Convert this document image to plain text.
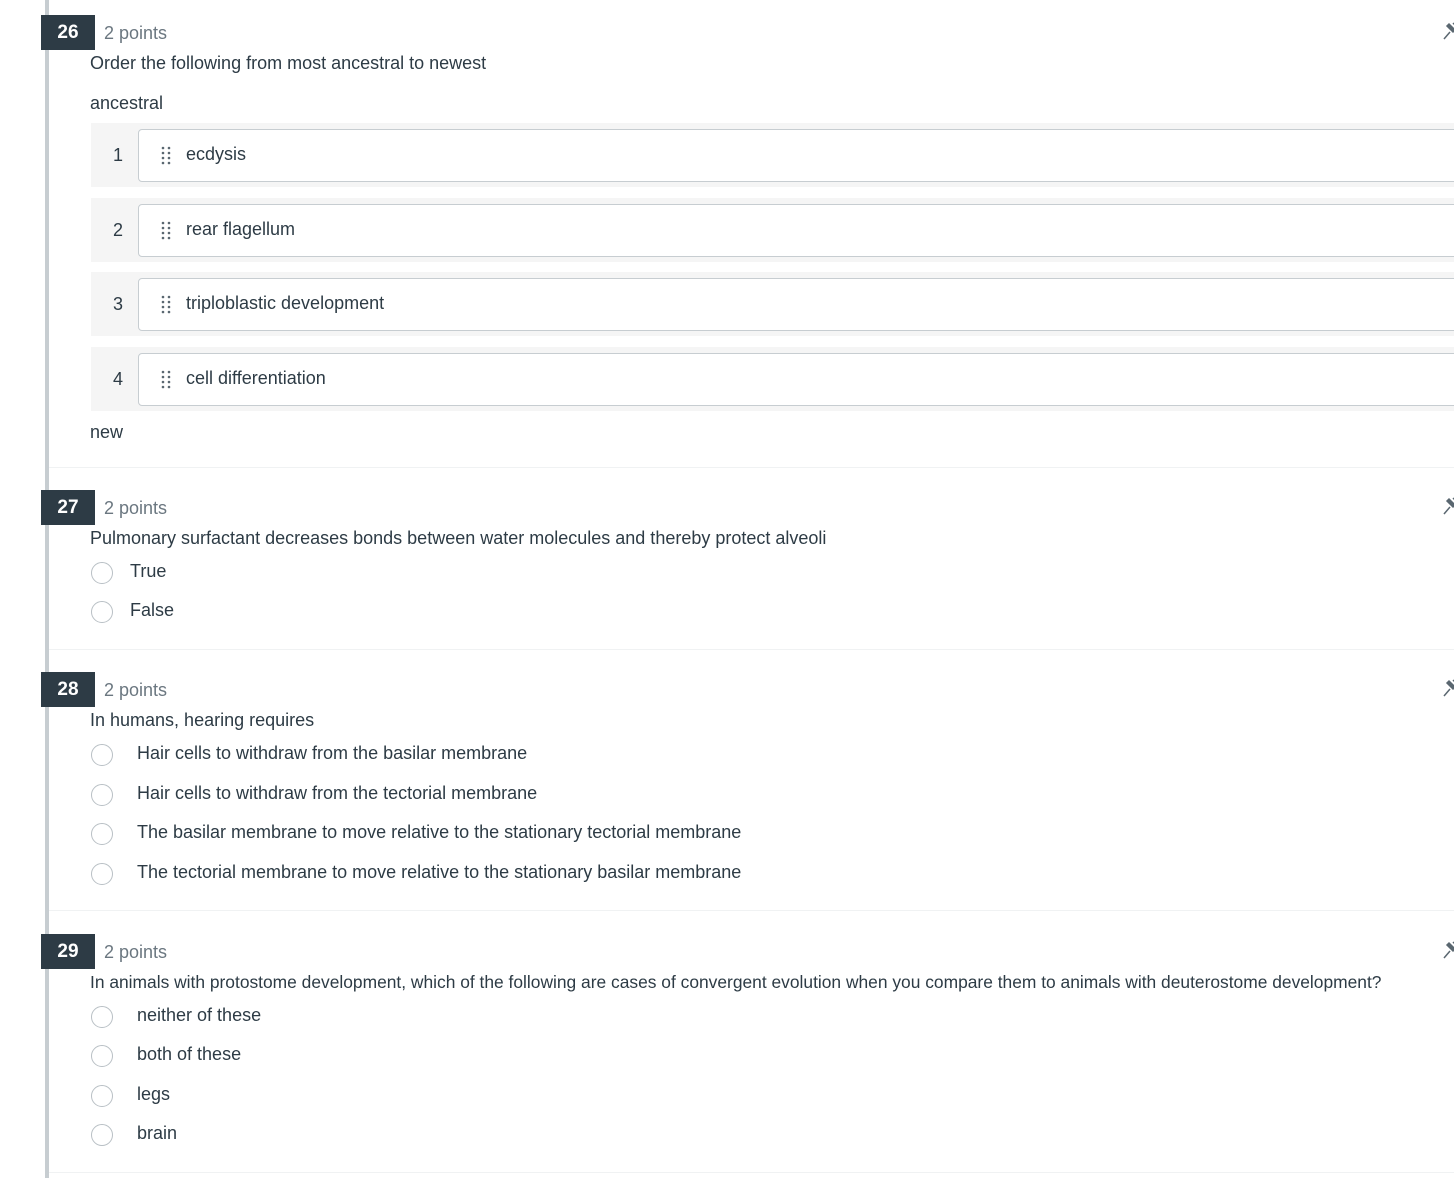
26	2 points
Order the following from most ancestral to newest
ancestral
1	ecdysis
2	rear flagellum
3	triploblastic development
4	cell differentiation
new
27	2 points
Pulmonary surfactant decreases bonds between water molecules and thereby protect alveoli
True
False
28	2 points
In humans, hearing requires
Hair cells to withdraw from the basilar membrane
Hair cells to withdraw from the tectorial membrane
The basilar membrane to move relative to the stationary tectorial membrane
The tectorial membrane to move relative to the stationary basilar membrane
29	2 points
In animals with protostome development, which of the following are cases of convergent evolution when you compare them to animals with deuterostome development?
neither of these
both of these
legs
brain
